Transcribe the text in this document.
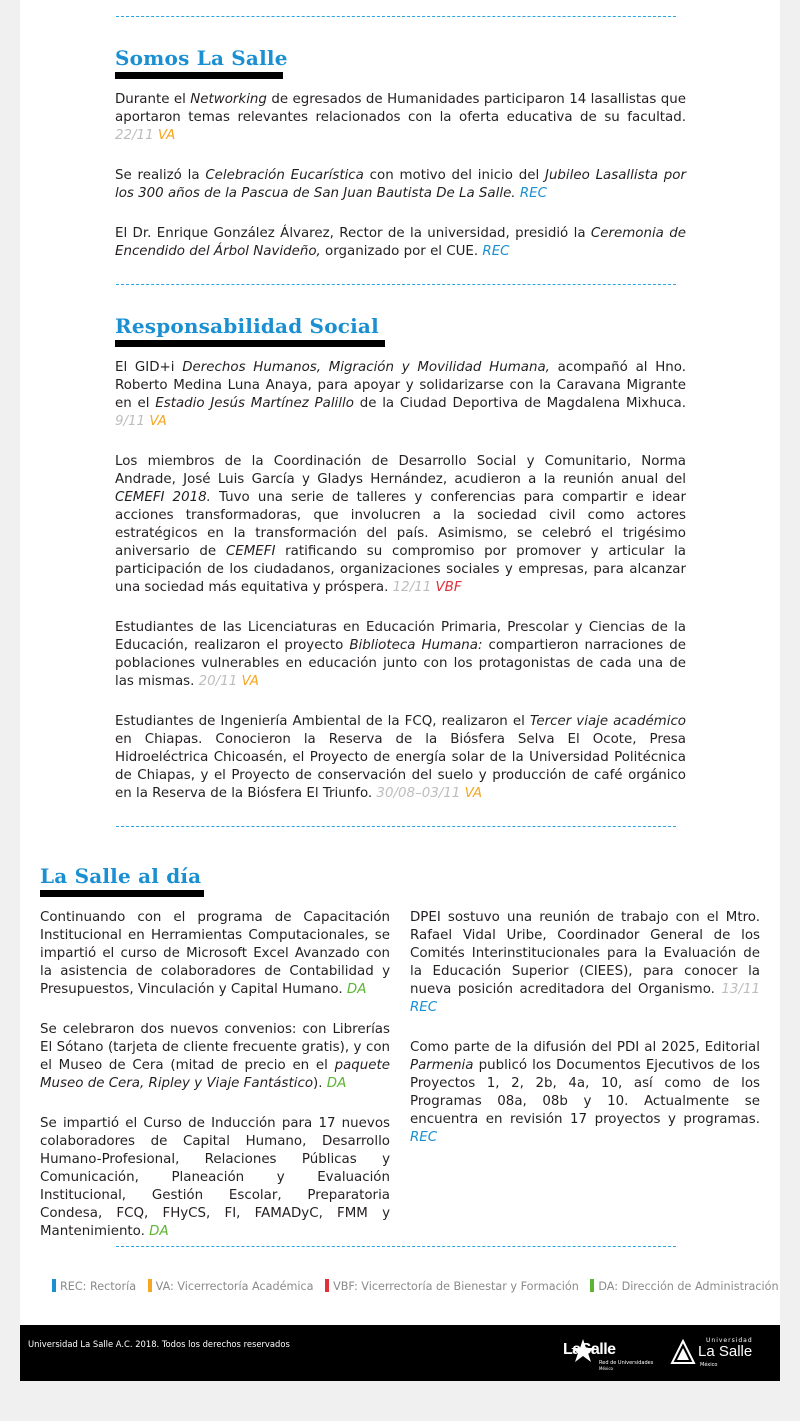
Somos La Salle

Durante el Networking de egresados de Humanidades participaron 14 lasallistas que aportaron temas relevantes relacionados con la oferta educativa de su facultad. 22/11 VA

Se realizó la Celebración Eucarística con motivo del inicio del Jubileo Lasallista por los 300 años de la Pascua de San Juan Bautista De La Salle. REC

El Dr. Enrique González Álvarez, Rector de la universidad, presidió la Ceremonia de Encendido del Árbol Navideño, organizado por el CUE. REC

Responsabilidad Social

El GID+i Derechos Humanos, Migración y Movilidad Humana, acompañó al Hno. Roberto Medina Luna Anaya, para apoyar y solidarizarse con la Caravana Migrante en el Estadio Jesús Martínez Palillo de la Ciudad Deportiva de Magdalena Mixhuca. 9/11 VA

Los miembros de la Coordinación de Desarrollo Social y Comunitario, Norma Andrade, José Luis García y Gladys Hernández, acudieron a la reunión anual del CEMEFI 2018. Tuvo una serie de talleres y conferencias para compartir e idear acciones transformadoras, que involucren a la sociedad civil como actores estratégicos en la transformación del país. Asimismo, se celebró el trigésimo aniversario de CEMEFI ratificando su compromiso por promover y articular la participación de los ciudadanos, organizaciones sociales y empresas, para alcanzar una sociedad más equitativa y próspera. 12/11 VBF

Estudiantes de las Licenciaturas en Educación Primaria, Prescolar y Ciencias de la Educación, realizaron el proyecto Biblioteca Humana: compartieron narraciones de poblaciones vulnerables en educación junto con los protagonistas de cada una de las mismas. 20/11 VA

Estudiantes de Ingeniería Ambiental de la FCQ, realizaron el Tercer viaje académico en Chiapas. Conocieron la Reserva de la Biósfera Selva El Ocote, Presa Hidroeléctrica Chicoasén, el Proyecto de energía solar de la Universidad Politécnica de Chiapas, y el Proyecto de conservación del suelo y producción de café orgánico en la Reserva de la Biósfera El Triunfo. 30/08–03/11 VA

La Salle al día

Continuando con el programa de Capacitación Institucional en Herramientas Computacionales, se impartió el curso de Microsoft Excel Avanzado con la asistencia de colaboradores de Contabilidad y Presupuestos, Vinculación y Capital Humano. DA

Se celebraron dos nuevos convenios: con Librerías El Sótano (tarjeta de cliente frecuente gratis), y con el Museo de Cera (mitad de precio en el paquete Museo de Cera, Ripley y Viaje Fantástico). DA

Se impartió el Curso de Inducción para 17 nuevos colaboradores de Capital Humano, Desarrollo Humano-Profesional, Relaciones Públicas y Comunicación, Planeación y Evaluación Institucional, Gestión Escolar, Preparatoria Condesa, FCQ, FHyCS, FI, FAMADyC, FMM y Mantenimiento. DA

DPEI sostuvo una reunión de trabajo con el Mtro. Rafael Vidal Uribe, Coordinador General de los Comités Interinstitucionales para la Evaluación de la Educación Superior (CIEES), para conocer la nueva posición acreditadora del Organismo. 13/11 REC

Como parte de la difusión del PDI al 2025, Editorial Parmenia publicó los Documentos Ejecutivos de los Proyectos 1, 2, 2b, 4a, 10, así como de los Programas 08a, 08b y 10. Actualmente se encuentra en revisión 17 proyectos y programas. REC

REC: Rectoría VA: Vicerrectoría Académica VBF: Vicerrectoría de Bienestar y Formación DA: Dirección de Administración
Universidad La Salle A.C. 2018. Todos los derechos reservados	LaSalle
Red de Universidades
México
Universidad
La Salle
México
